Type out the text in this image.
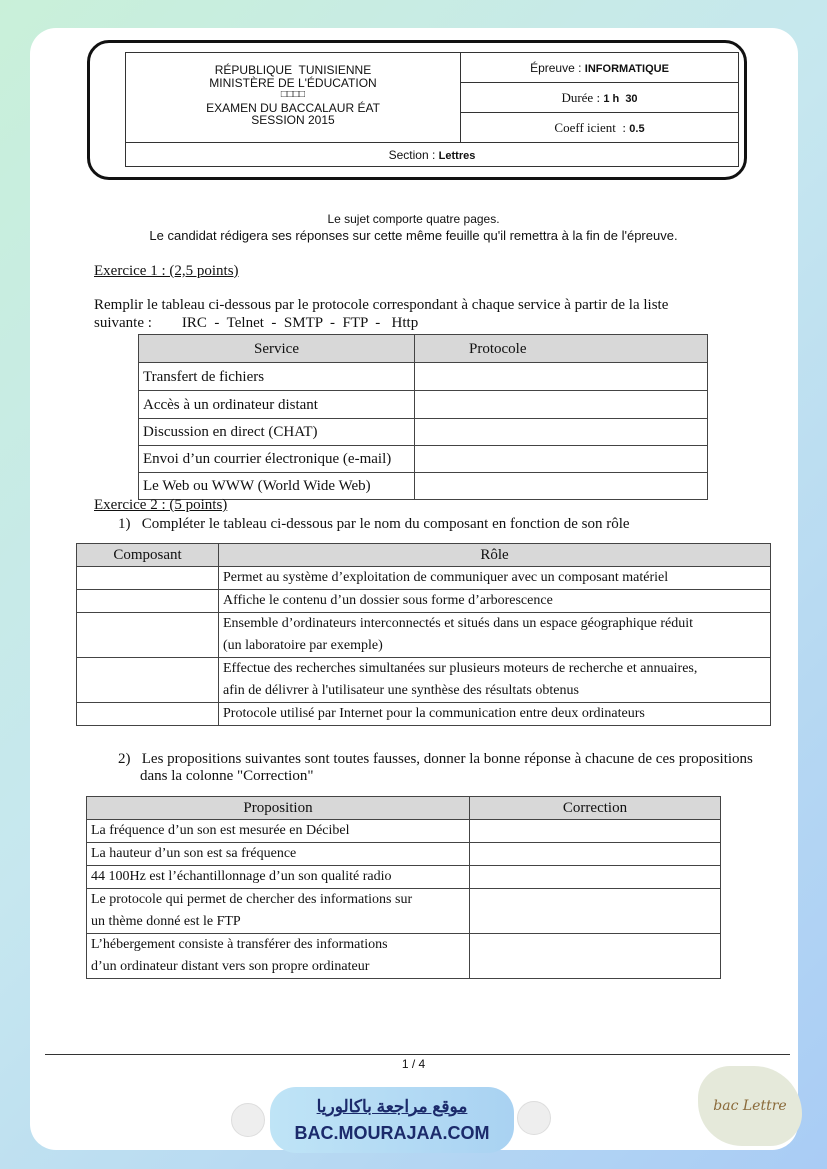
RÉPUBLIQUE  TUNISIENNE
MINISTÈRE DE L'ÉDUCATION
□□□□
EXAMEN DU BACCALAUR ÉAT
SESSION 2015
Épreuve : INFORMATIQUE
Durée : 1 h  30
Coeff icient  : 0.5
Section : Lettres
Le sujet comporte quatre pages.
Le candidat rédigera ses réponses sur cette même feuille qu'il remettra à la fin de l'épreuve.
Exercice 1 : (2,5 points)
Remplir le tableau ci-dessous par le protocole correspondant à chaque service à partir de la liste
suivante : IRC  -  Telnet  -  SMTP  -  FTP  -   Http
Service	Protocole
Transfert de fichiers	
Accès à un ordinateur distant	
Discussion en direct (CHAT)	
Envoi d’un courrier électronique (e-mail)	
Le Web ou WWW (World Wide Web)	
Exercice 2 : (5 points)
1)   Compléter le tableau ci-dessous par le nom du composant en fonction de son rôle
Composant	Rôle
	Permet au système d’exploitation de communiquer avec un composant matériel
	Affiche le contenu d’un dossier sous forme d’arborescence

	Ensemble d’ordinateurs interconnectés et situés dans un espace géographique réduit
(un laboratoire par exemple)

	Effectue des recherches simultanées sur plusieurs moteurs de recherche et annuaires,
afin de délivrer à l'utilisateur une synthèse des résultats obtenus

	Protocole utilisé par Internet pour la communication entre deux ordinateurs
2)   Les propositions suivantes sont toutes fausses, donner la bonne réponse à chacune de ces propositions
dans la colonne "Correction"
Proposition	Correction
La fréquence d’un son est mesurée en Décibel	
La hauteur d’un son est sa fréquence	
44 100Hz est l’échantillonnage d’un son qualité radio	

Le protocole qui permet de chercher des informations sur
un thème donné est le FTP	

L’hébergement consiste à transférer des informations
d’un ordinateur distant vers son propre ordinateur	

1 / 4
موقع مراجعة باكالوريا
BAC.MOURAJAA.COM
bac Lettre
